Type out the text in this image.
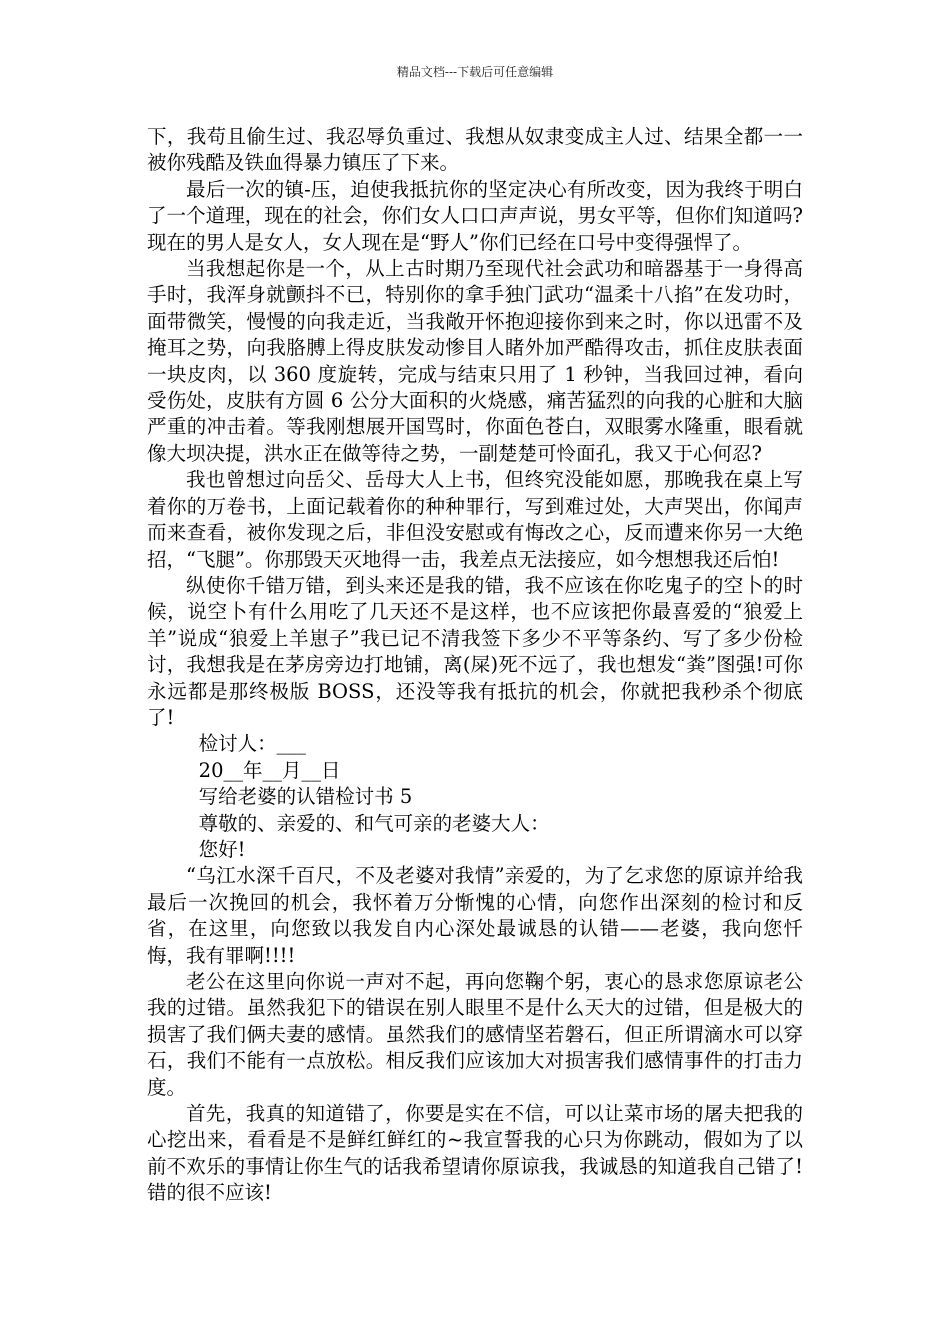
精品文档---下载后可任意编辑

下，我苟且偷生过、我忍辱负重过、我想从奴隶变成主人过、结果全都一一被你残酷及铁血得暴力镇压了下来。

最后一次的镇-压，迫使我抵抗你的坚定决心有所改变，因为我终于明白了一个道理，现在的社会，你们女人口口声声说，男女平等，但你们知道吗?现在的男人是女人，女人现在是“野人”你们已经在口号中变得强悍了。

当我想起你是一个，从上古时期乃至现代社会武功和暗器基于一身得高手时，我浑身就颤抖不已，特别你的拿手独门武功“温柔十八掐”在发功时，面带微笑，慢慢的向我走近，当我敞开怀抱迎接你到来之时，你以迅雷不及掩耳之势，向我胳膊上得皮肤发动惨目人睹外加严酷得攻击，抓住皮肤表面一块皮肉，以 360 度旋转，完成与结束只用了 1 秒钟，当我回过神，看向受伤处，皮肤有方圆 6 公分大面积的火烧感，痛苦猛烈的向我的心脏和大脑严重的冲击着。等我刚想展开国骂时，你面色苍白，双眼雾水隆重，眼看就像大坝决提，洪水正在做等待之势，一副楚楚可怜面孔，我又于心何忍?

我也曾想过向岳父、岳母大人上书，但终究没能如愿，那晚我在桌上写着你的万卷书，上面记载着你的种种罪行，写到难过处，大声哭出，你闻声而来查看，被你发现之后，非但没安慰或有悔改之心，反而遭来你另一大绝招，“飞腿”。你那毁天灭地得一击，我差点无法接应，如今想想我还后怕!

纵使你千错万错，到头来还是我的错，我不应该在你吃鬼子的空卜的时候，说空卜有什么用吃了几天还不是这样，也不应该把你最喜爱的“狼爱上羊”说成“狼爱上羊崽子”我已记不清我签下多少不平等条约、写了多少份检讨，我想我是在茅房旁边打地铺，离(屎)死不远了，我也想发“粪”图强!可你永远都是那终极版 BOSS，还没等我有抵抗的机会，你就把我秒杀个彻底了!

检讨人：___

20__年__月__日

写给老婆的认错检讨书 5

尊敬的、亲爱的、和气可亲的老婆大人：

您好!

“乌江水深千百尺，不及老婆对我情”亲爱的，为了乞求您的原谅并给我最后一次挽回的机会，我怀着万分惭愧的心情，向您作出深刻的检讨和反省，在这里，向您致以我发自内心深处最诚恳的认错——老婆，我向您忏悔，我有罪啊!!!!

老公在这里向你说一声对不起，再向您鞠个躬，衷心的恳求您原谅老公我的过错。虽然我犯下的错误在别人眼里不是什么天大的过错，但是极大的损害了我们俩夫妻的感情。虽然我们的感情坚若磐石，但正所谓滴水可以穿石，我们不能有一点放松。相反我们应该加大对损害我们感情事件的打击力度。

首先，我真的知道错了，你要是实在不信，可以让菜市场的屠夫把我的心挖出来，看看是不是鲜红鲜红的~我宣誓我的心只为你跳动，假如为了以前不欢乐的事情让你生气的话我希望请你原谅我，我诚恳的知道我自己错了!错的很不应该!
